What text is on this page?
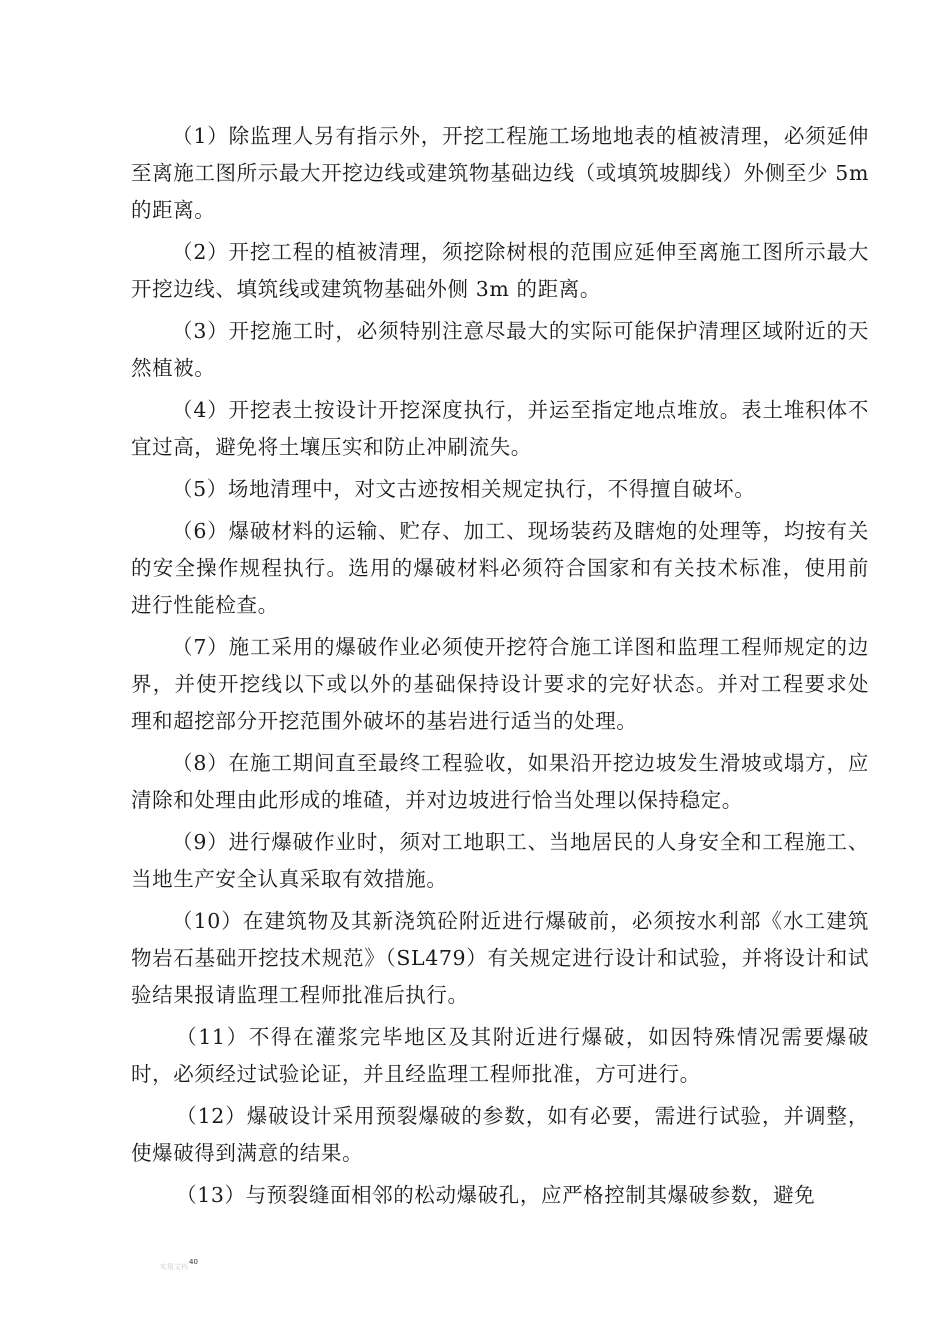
（1）除监理人另有指示外，开挖工程施工场地地表的植被清理，必须延伸至离施工图所示最大开挖边线或建筑物基础边线（或填筑坡脚线）外侧至少 5m 的距离。

（2）开挖工程的植被清理，须挖除树根的范围应延伸至离施工图所示最大开挖边线、填筑线或建筑物基础外侧 3m 的距离。

（3）开挖施工时，必须特别注意尽最大的实际可能保护清理区域附近的天然植被。

（4）开挖表土按设计开挖深度执行，并运至指定地点堆放。表土堆积体不宜过高，避免将土壤压实和防止冲刷流失。

（5）场地清理中，对文古迹按相关规定执行，不得擅自破坏。

（6）爆破材料的运输、贮存、加工、现场装药及瞎炮的处理等，均按有关的安全操作规程执行。选用的爆破材料必须符合国家和有关技术标准，使用前进行性能检查。

（7）施工采用的爆破作业必须使开挖符合施工详图和监理工程师规定的边界，并使开挖线以下或以外的基础保持设计要求的完好状态。并对工程要求处理和超挖部分开挖范围外破坏的基岩进行适当的处理。

（8）在施工期间直至最终工程验收，如果沿开挖边坡发生滑坡或塌方，应清除和处理由此形成的堆碴，并对边坡进行恰当处理以保持稳定。

（9）进行爆破作业时，须对工地职工、当地居民的人身安全和工程施工、当地生产安全认真采取有效措施。

（10）在建筑物及其新浇筑砼附近进行爆破前，必须按水利部《水工建筑物岩石基础开挖技术规范》（SL479）有关规定进行设计和试验，并将设计和试验结果报请监理工程师批准后执行。

（11）不得在灌浆完毕地区及其附近进行爆破，如因特殊情况需要爆破时，必须经过试验论证，并且经监理工程师批准，方可进行。

（12）爆破设计采用预裂爆破的参数，如有必要，需进行试验，并调整，使爆破得到满意的结果。

（13）与预裂缝面相邻的松动爆破孔，应严格控制其爆破参数，避免

实用文档
40
